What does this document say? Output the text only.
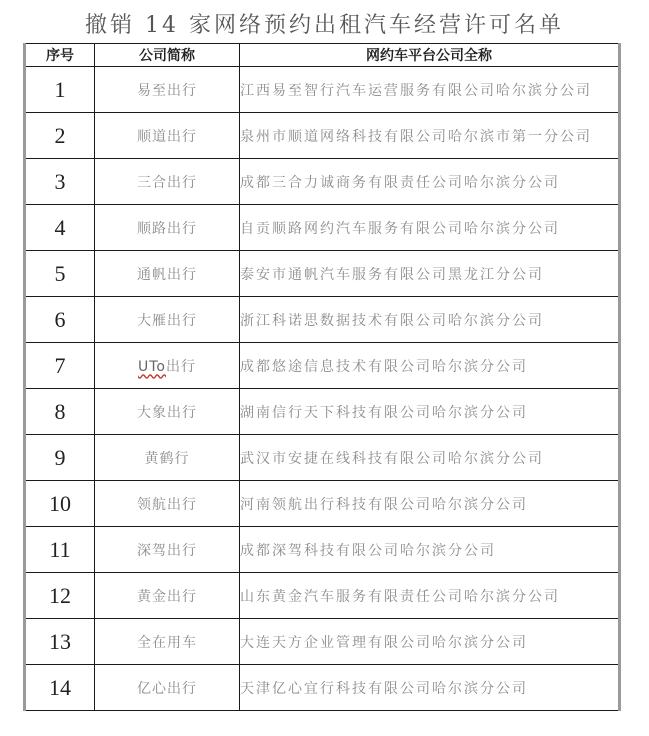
撤销 14 家网络预约出租汽车经营许可名单
序号	公司简称	网约车平台公司全称
1	易至出行	江西易至智行汽车运营服务有限公司哈尔滨分公司
2	顺道出行	泉州市顺道网络科技有限公司哈尔滨市第一分公司
3	三合出行	成都三合力诚商务有限责任公司哈尔滨分公司
4	顺路出行	自贡顺路网约汽车服务有限公司哈尔滨分公司
5	通帆出行	泰安市通帆汽车服务有限公司黑龙江分公司
6	大雁出行	浙江科诺思数据技术有限公司哈尔滨分公司
7	UTo出行	成都悠途信息技术有限公司哈尔滨分公司
8	大象出行	湖南信行天下科技有限公司哈尔滨分公司
9	黄鹤行	武汉市安捷在线科技有限公司哈尔滨分公司
10	领航出行	河南领航出行科技有限公司哈尔滨分公司
11	深驾出行	成都深驾科技有限公司哈尔滨分公司
12	黄金出行	山东黄金汽车服务有限责任公司哈尔滨分公司
13	全在用车	大连天方企业管理有限公司哈尔滨分公司
14	亿心出行	天津亿心宜行科技有限公司哈尔滨分公司
